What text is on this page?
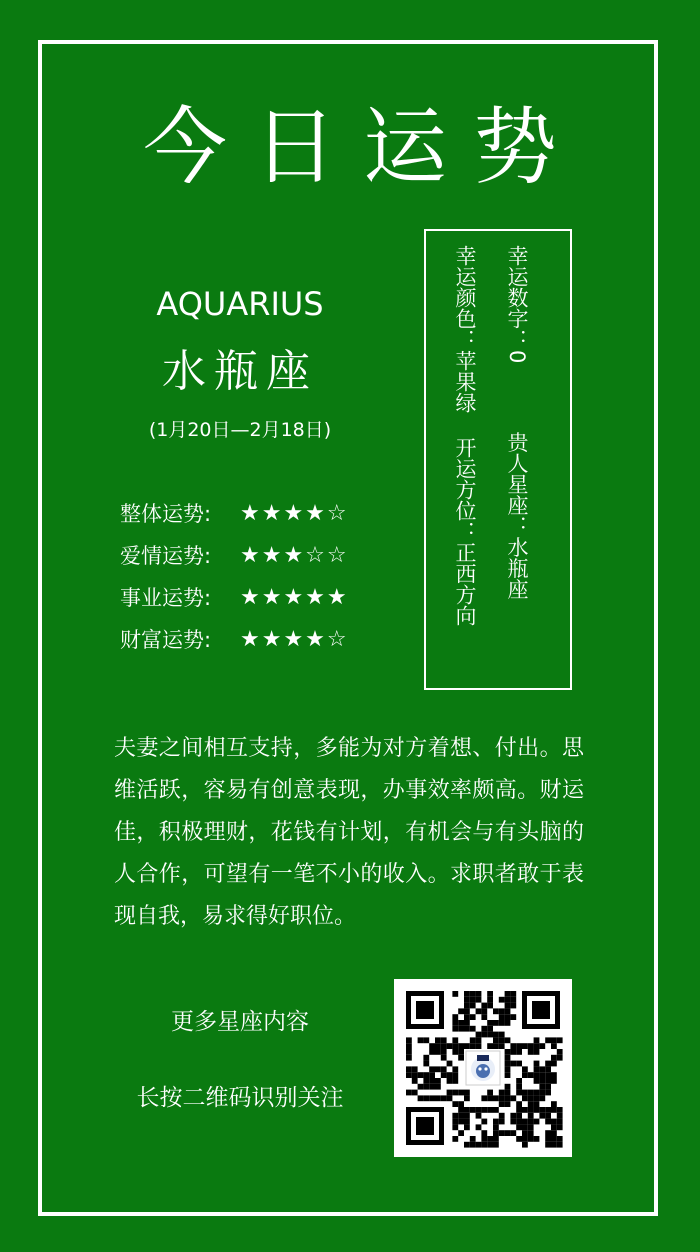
今日运势
AQUARIUS
水瓶座
(1月20日—2月18日)
整体运势:	★★★★☆
爱情运势:	★★★☆☆
事业运势:	★★★★★
财富运势:	★★★★☆
幸运数字：0贵人星座：水瓶座
幸运颜色：苹果绿开运方位：正西方向
夫妻之间相互支持，多能为对方着想、付出。思维活跃，容易有创意表现，办事效率颇高。财运佳，积极理财，花钱有计划，有机会与有头脑的人合作，可望有一笔不小的收入。求职者敢于表现自我，易求得好职位。
更多星座内容
长按二维码识别关注
